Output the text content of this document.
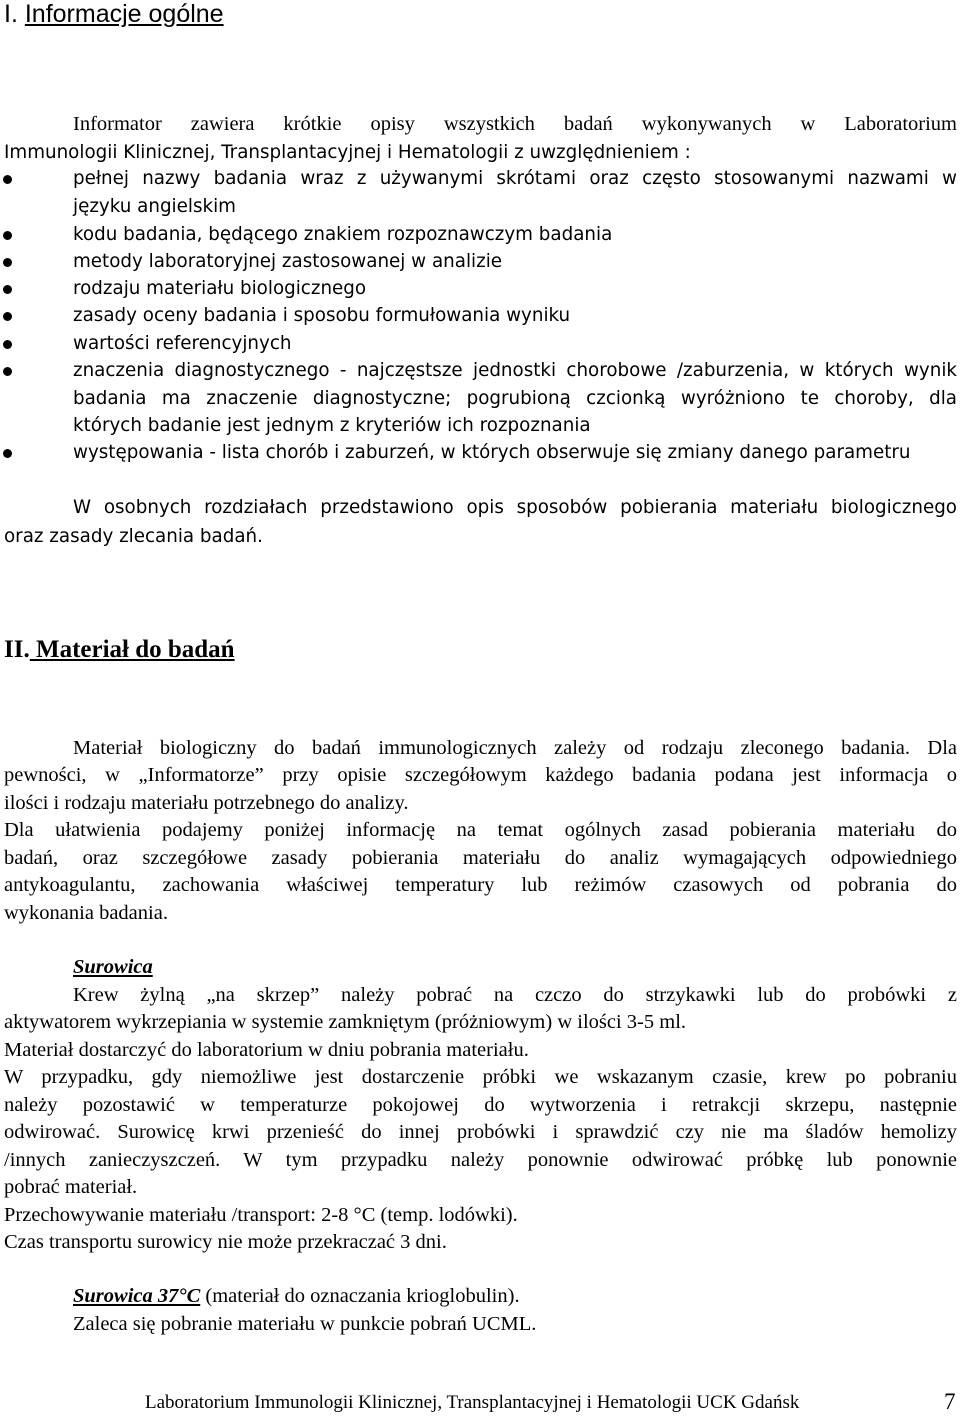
I. Informacje ogólne
Informator zawiera krótkie opisy wszystkich badań wykonywanych w Laboratorium
Immunologii Klinicznej, Transplantacyjnej i Hematologii z uwzględnieniem :
pełnej nazwy badania wraz z używanymi skrótami oraz często stosowanymi nazwami w
języku angielskim
kodu badania, będącego znakiem rozpoznawczym badania
metody laboratoryjnej zastosowanej w analizie
rodzaju materiału biologicznego
zasady oceny badania i sposobu formułowania wyniku
wartości referencyjnych
znaczenia diagnostycznego - najczęstsze jednostki chorobowe /zaburzenia, w których wynik
badania ma znaczenie diagnostyczne; pogrubioną czcionką wyróżniono te choroby, dla
których badanie jest jednym z kryteriów ich rozpoznania
występowania - lista chorób i zaburzeń, w których obserwuje się zmiany danego parametru
W osobnych rozdziałach przedstawiono opis sposobów pobierania materiału biologicznego
oraz zasady zlecania badań.
II. Materiał do badań
Materiał biologiczny do badań immunologicznych zależy od rodzaju zleconego badania. Dla
pewności, w „Informatorze” przy opisie szczegółowym każdego badania podana jest informacja o
ilości i rodzaju materiału potrzebnego do analizy.
Dla ułatwienia podajemy poniżej informację na temat ogólnych zasad pobierania materiału do
badań, oraz szczegółowe zasady pobierania materiału do analiz wymagających odpowiedniego
antykoagulantu, zachowania właściwej temperatury lub reżimów czasowych od pobrania do
wykonania badania.
Surowica
Krew żylną „na skrzep” należy pobrać na czczo do strzykawki lub do probówki z
aktywatorem wykrzepiania w systemie zamkniętym (próżniowym) w ilości 3-5 ml.
Materiał dostarczyć do laboratorium w dniu pobrania materiału.
W przypadku, gdy niemożliwe jest dostarczenie próbki we wskazanym czasie, krew po pobraniu
należy pozostawić w temperaturze pokojowej do wytworzenia i retrakcji skrzepu, następnie
odwirować. Surowicę krwi przenieść do innej probówki i sprawdzić czy nie ma śladów hemolizy
/innych zanieczyszczeń. W tym przypadku należy ponownie odwirować próbkę lub ponownie
pobrać materiał.
Przechowywanie materiału /transport: 2-8 °C (temp. lodówki).
Czas transportu surowicy nie może przekraczać 3 dni.
Surowica 37°C (materiał do oznaczania krioglobulin).
Zaleca się pobranie materiału w punkcie pobrań UCML.
Laboratorium Immunologii Klinicznej, Transplantacyjnej i Hematologii UCK Gdańsk	7
